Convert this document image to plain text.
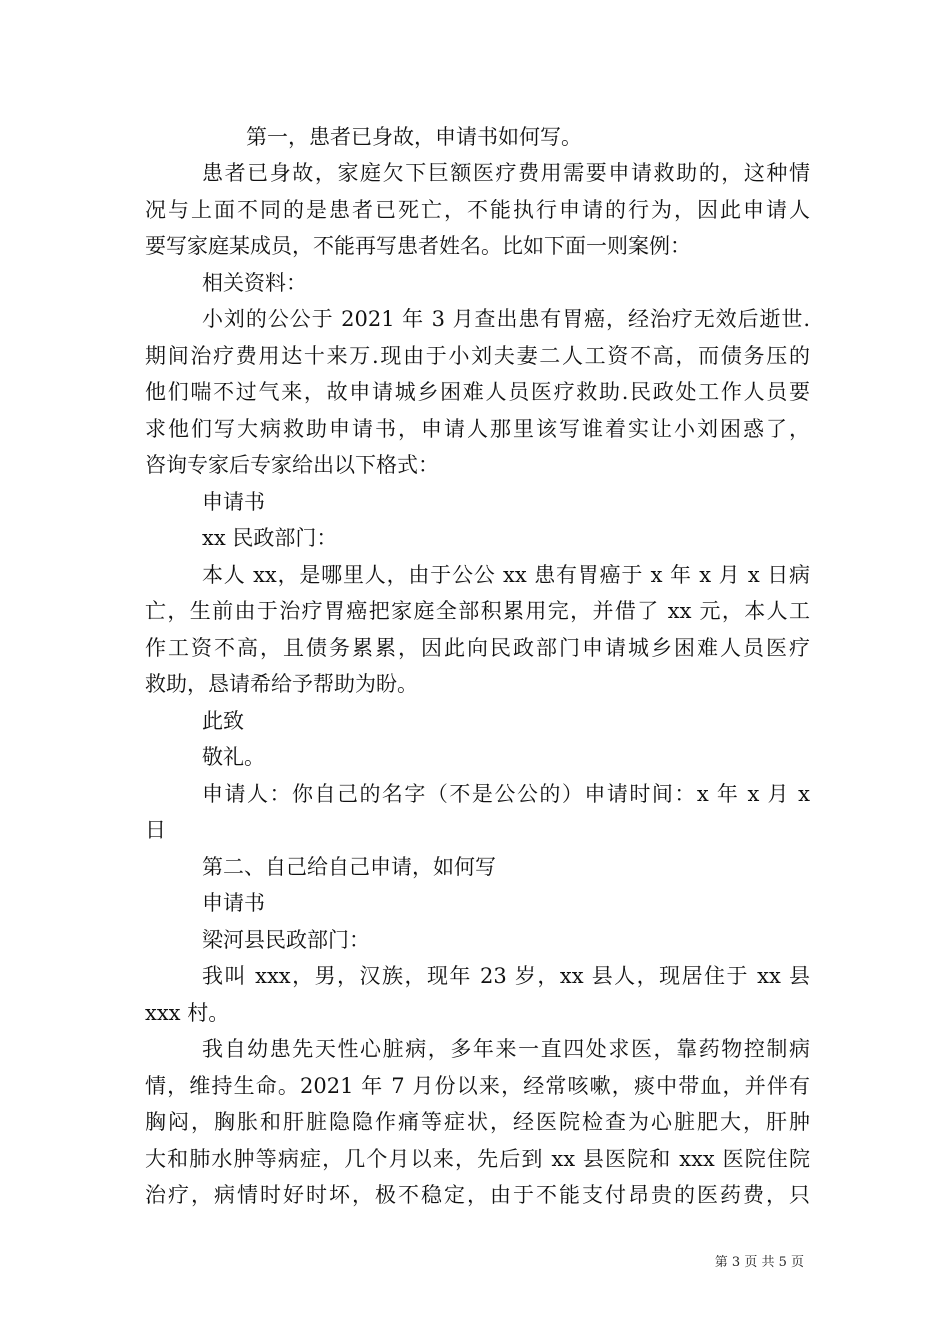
第一，患者已身故，申请书如何写。
患者已身故，家庭欠下巨额医疗费用需要申请救助的，这种情
况与上面不同的是患者已死亡，不能执行申请的行为，因此申请人
要写家庭某成员，不能再写患者姓名。比如下面一则案例：
相关资料：
小刘的公公于 2021 年 3 月查出患有胃癌，经治疗无效后逝世.
期间治疗费用达十来万.现由于小刘夫妻二人工资不高，而债务压的
他们喘不过气来，故申请城乡困难人员医疗救助.民政处工作人员要
求他们写大病救助申请书，申请人那里该写谁着实让小刘困惑了，
咨询专家后专家给出以下格式：
申请书
xx 民政部门：
本人 xx，是哪里人，由于公公 xx 患有胃癌于 x 年 x 月 x 日病
亡，生前由于治疗胃癌把家庭全部积累用完，并借了 xx 元，本人工
作工资不高，且债务累累，因此向民政部门申请城乡困难人员医疗
救助，恳请希给予帮助为盼。
此致
敬礼。
申请人：你自己的名字（不是公公的）申请时间：x 年 x 月 x
日
第二、自己给自己申请，如何写
申请书
梁河县民政部门：
我叫 xxx，男，汉族，现年 23 岁，xx 县人，现居住于 xx 县
xxx 村。
我自幼患先天性心脏病，多年来一直四处求医，靠药物控制病
情，维持生命。2021 年 7 月份以来，经常咳嗽，痰中带血，并伴有
胸闷，胸胀和肝脏隐隐作痛等症状，经医院检查为心脏肥大，肝肿
大和肺水肿等病症，几个月以来，先后到 xx 县医院和 xxx 医院住院
治疗，病情时好时坏，极不稳定，由于不能支付昂贵的医药费，只
第 3 页 共 5 页
